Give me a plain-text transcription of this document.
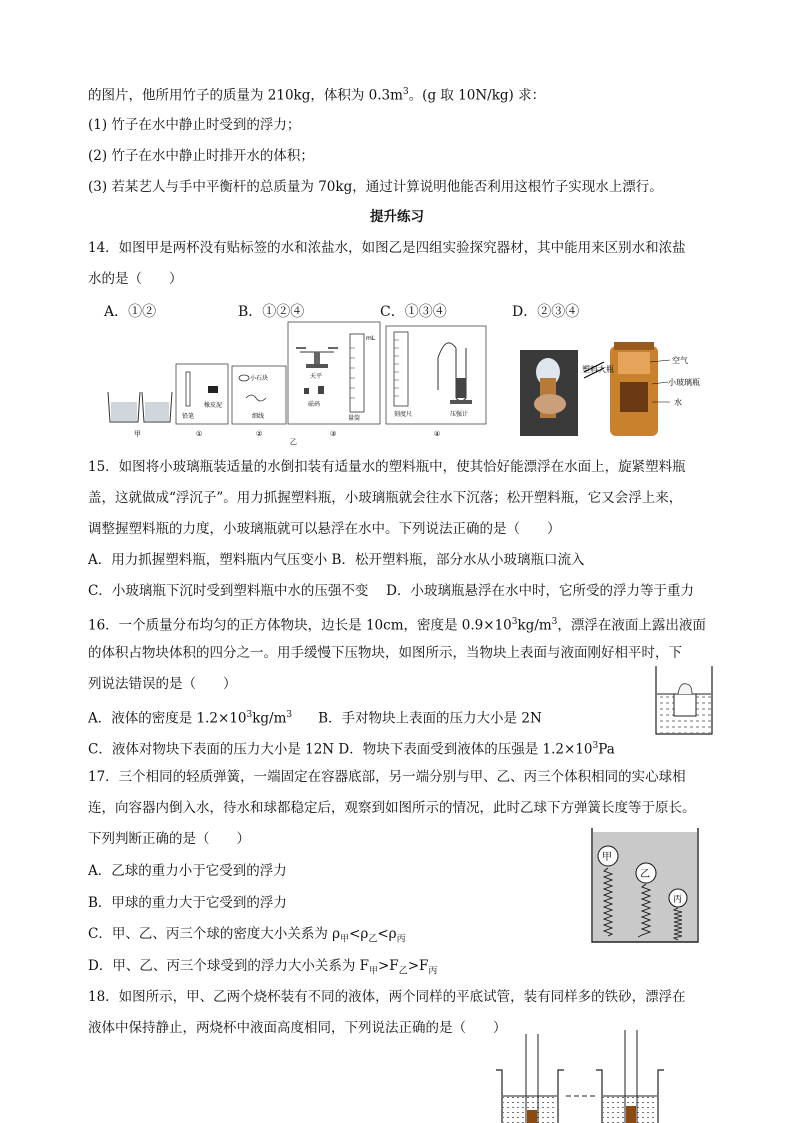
的图片，他所用竹子的质量为 210kg，体积为 $0.3m^3$。(g 取 10N/kg) 求：
(1) 竹子在水中静止时受到的浮力；
(2) 竹子在水中静止时排开水的体积；
(3) 若某艺人与手中平衡杆的总质量为 70kg，通过计算说明他能否利用这根竹子实现水上漂行。
提升练习
14．如图甲是两杯没有贴标签的水和浓盐水，如图乙是四组实验探究器材，其中能用来区别水和浓盐
水的是（　　）
A．①②	B．①②④	C．①③④	D．②③④
甲
铅笔
橡皮泥
①
小石块
细线
②
天平
砝码
mL
量筒
③
乙
刻度尺	压强计
④
塑料大瓶
空气
小玻璃瓶
水
15．如图将小玻璃瓶装适量的水倒扣装有适量水的塑料瓶中，使其恰好能漂浮在水面上，旋紧塑料瓶
盖，这就做成“浮沉子”。用力抓握塑料瓶，小玻璃瓶就会往水下沉落；松开塑料瓶，它又会浮上来，
调整握塑料瓶的力度，小玻璃瓶就可以悬浮在水中。下列说法正确的是（　　）
A．用力抓握塑料瓶，塑料瓶内气压变小 B．松开塑料瓶，部分水从小玻璃瓶口流入
C．小玻璃瓶下沉时受到塑料瓶中水的压强不变　 D．小玻璃瓶悬浮在水中时，它所受的浮力等于重力
16．一个质量分布均匀的正方体物块，边长是 10cm，密度是 $0.9\times 10^3kg/m^3$，漂浮在液面上露出液面
的体积占物块体积的四分之一。用手缓慢下压物块，如图所示，当物块上表面与液面刚好相平时，下
列说法错误的是（　　）
A．液体的密度是 $1.2\times 10^3kg/m^3$ B．手对物块上表面的压力大小是 2N
C．液体对物块下表面的压力大小是 12N D．物块下表面受到液体的压强是 $1.2\times 10^3Pa$
17．三个相同的轻质弹簧，一端固定在容器底部，另一端分别与甲、乙、丙三个体积相同的实心球相
连，向容器内倒入水，待水和球都稳定后，观察到如图所示的情况，此时乙球下方弹簧长度等于原长。
下列判断正确的是（　　）
A．乙球的重力小于它受到的浮力
B．甲球的重力大于它受到的浮力
C．甲、乙、丙三个球的密度大小关系为 $\rho_甲<\rho_乙<\rho_丙$
D．甲、乙、丙三个球受到的浮力大小关系为 $F_甲>F_乙>F_丙$
甲
乙
丙
18．如图所示，甲、乙两个烧杯装有不同的液体，两个同样的平底试管，装有同样多的铁砂，漂浮在
液体中保持静止，两烧杯中液面高度相同，下列说法正确的是（　　）
